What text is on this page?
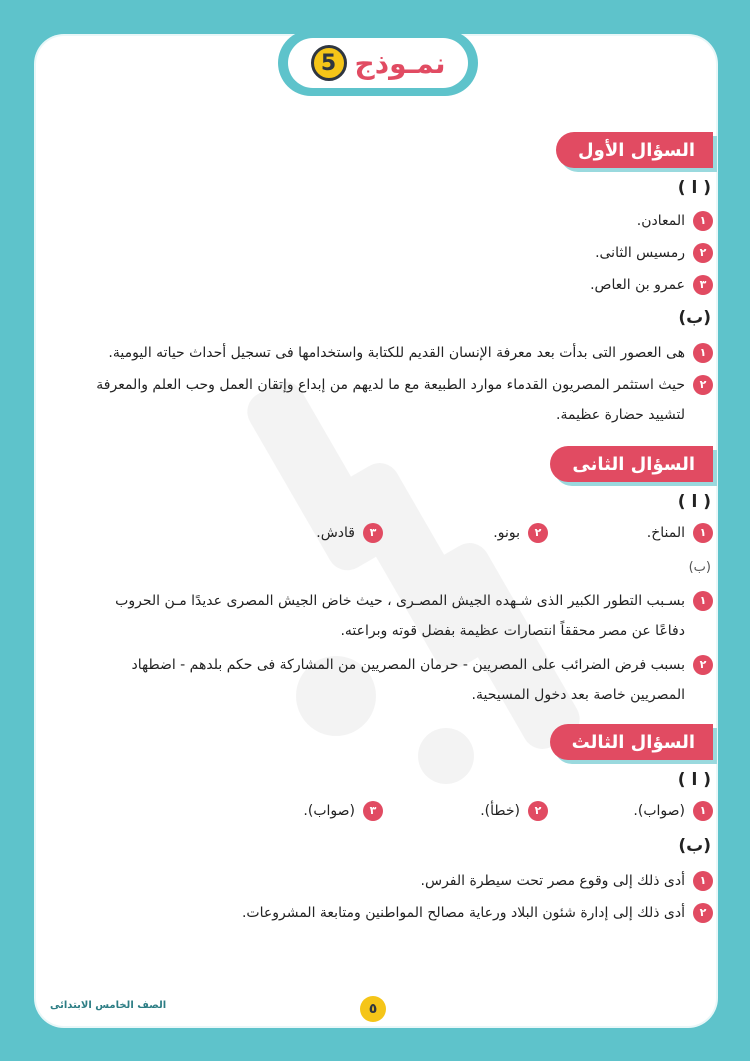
نمـوذج
5
السؤال الأول
( ا )
١
المعادن.
٢
رمسيس الثانى.
٣
عمرو بن العاص.
(ب)
١
هى العصور التى بدأت بعد معرفة الإنسان القديم للكتابة واستخدامها فى تسجيل أحداث حياته اليومية.
٢
حيث استثمر المصريون القدماء موارد الطبيعة مع ما لديهم من إبداع وإتقان العمل وحب العلم والمعرفة لتشييد حضارة عظيمة.
السؤال الثانى
( ا )
١
المناخ.
٢
بونو.
٣
قادش.
(ب)
١
بسـبب التطور الكبير الذى شـهده الجيش المصـرى ، حيث خاض الجيش المصرى عديدًا مـن الحروب دفاعًا عن مصر محققاً انتصارات عظيمة بفضل قوته وبراعته.
٢
بسبب فرض الضرائب على المصريين - حرمان المصريين من المشاركة فى حكم بلدهم - اضطهاد المصريين خاصة بعد دخول المسيحية.
السؤال الثالث
( ا )
١
(صواب).
٢
(خطأ).
٣
(صواب).
(ب)
١
أدى ذلك إلى وقوع مصر تحت سيطرة الفرس.
٢
أدى ذلك إلى إدارة شئون البلاد ورعاية مصالح المواطنين ومتابعة المشروعات.
الصف الخامس الابتدائى	٥
